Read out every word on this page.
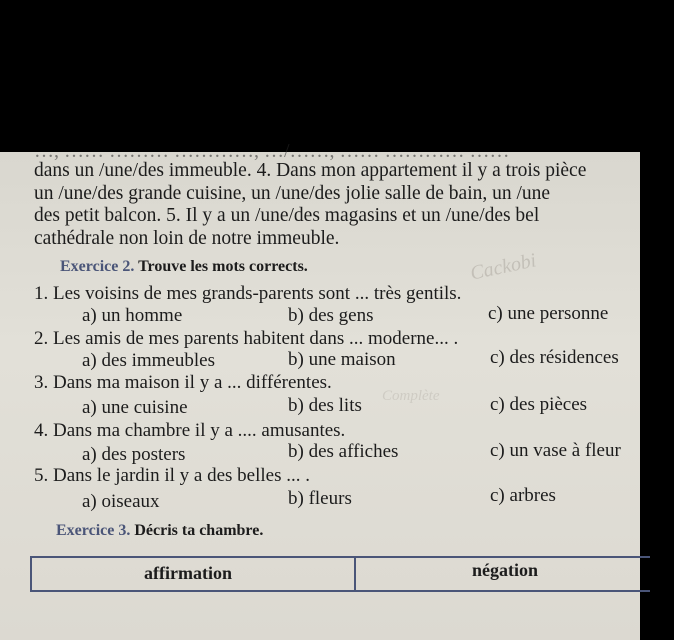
…, …… ……… …………, …/……, …… ………… ……
dans un /une/des immeuble. 4. Dans mon appartement il y a trois pièce
un /une/des grande cuisine, un /une/des jolie salle de bain, un /une
des petit balcon. 5. Il y a un /une/des magasins et un /une/des bel
cathédrale non loin de notre immeuble.
Cackobi
Complète
Exercice 2. Trouve les mots corrects.
1. Les voisins de mes grands-parents sont ... très gentils.
a) un homme	b) des gens	c) une personne
2. Les amis de mes parents habitent dans ... moderne... .
a) des immeubles	b) une maison	c) des résidences
3. Dans ma maison il y a ... différentes.
a) une cuisine	b) des lits	c) des pièces
4. Dans ma chambre il y a .... amusantes.
a) des posters	b) des affiches	c) un vase à fleur
5. Dans le jardin il y a des belles ... .
a) oiseaux	b) fleurs	c) arbres
Exercice 3. Décris ta chambre.
affirmation	négation
